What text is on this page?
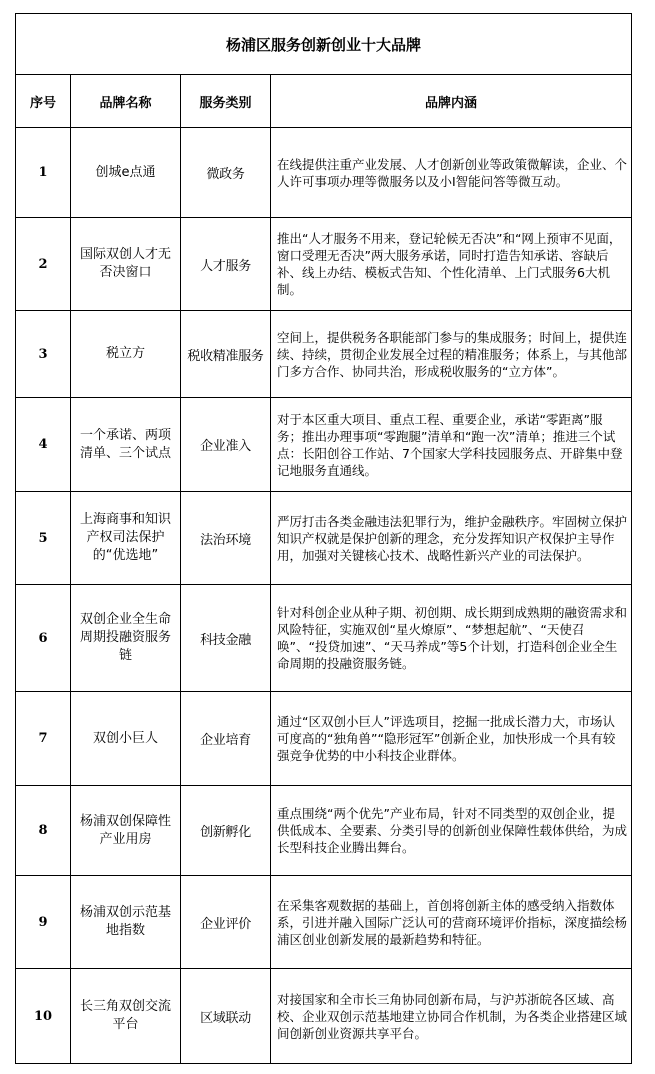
杨浦区服务创新创业十大品牌			
序号	品牌名称	服务类别	品牌内涵
1	创城e点通	微政务	在线提供注重产业发展、人才创新创业等政策微解读，企业、个人许可事项办理等微服务以及小I智能问答等微互动。
2	国际双创人才无否决窗口	人才服务	推出“人才服务不用来，登记轮候无否决”和“网上预审不见面，窗口受理无否决”两大服务承诺，同时打造告知承诺、容缺后补、线上办结、模板式告知、个性化清单、上门式服务6大机制。
3	税立方	税收精准服务	空间上，提供税务各职能部门参与的集成服务；时间上，提供连续、持续，贯彻企业发展全过程的精准服务；体系上，与其他部门多方合作、协同共治，形成税收服务的“立方体”。
4	一个承诺、两项清单、三个试点	企业准入	对于本区重大项目、重点工程、重要企业，承诺“零距离”服务；推出办理事项“零跑腿”清单和“跑一次”清单；推进三个试点：长阳创谷工作站、7个国家大学科技园服务点、开辟集中登记地服务直通线。
5	上海商事和知识产权司法保护的“优选地”	法治环境	严厉打击各类金融违法犯罪行为，维护金融秩序。牢固树立保护知识产权就是保护创新的理念，充分发挥知识产权保护主导作用，加强对关键核心技术、战略性新兴产业的司法保护。
6	双创企业全生命周期投融资服务链	科技金融	针对科创企业从种子期、初创期、成长期到成熟期的融资需求和风险特征，实施双创“星火燎原”、“梦想起航”、“天使召唤”、“投贷加速”、“天马养成”等5个计划，打造科创企业全生命周期的投融资服务链。
7	双创小巨人	企业培育	通过“区双创小巨人”评选项目，挖掘一批成长潜力大，市场认可度高的“独角兽”“隐形冠军”创新企业，加快形成一个具有较强竞争优势的中小科技企业群体。
8	杨浦双创保障性产业用房	创新孵化	重点围绕“两个优先”产业布局，针对不同类型的双创企业，提供低成本、全要素、分类引导的创新创业保障性载体供给，为成长型科技企业腾出舞台。
9	杨浦双创示范基地指数	企业评价	在采集客观数据的基础上，首创将创新主体的感受纳入指数体系，引进并融入国际广泛认可的营商环境评价指标，深度描绘杨浦区创业创新发展的最新趋势和特征。
10	长三角双创交流平台	区域联动	对接国家和全市长三角协同创新布局，与沪苏浙皖各区域、高校、企业双创示范基地建立协同合作机制，为各类企业搭建区域间创新创业资源共享平台。
